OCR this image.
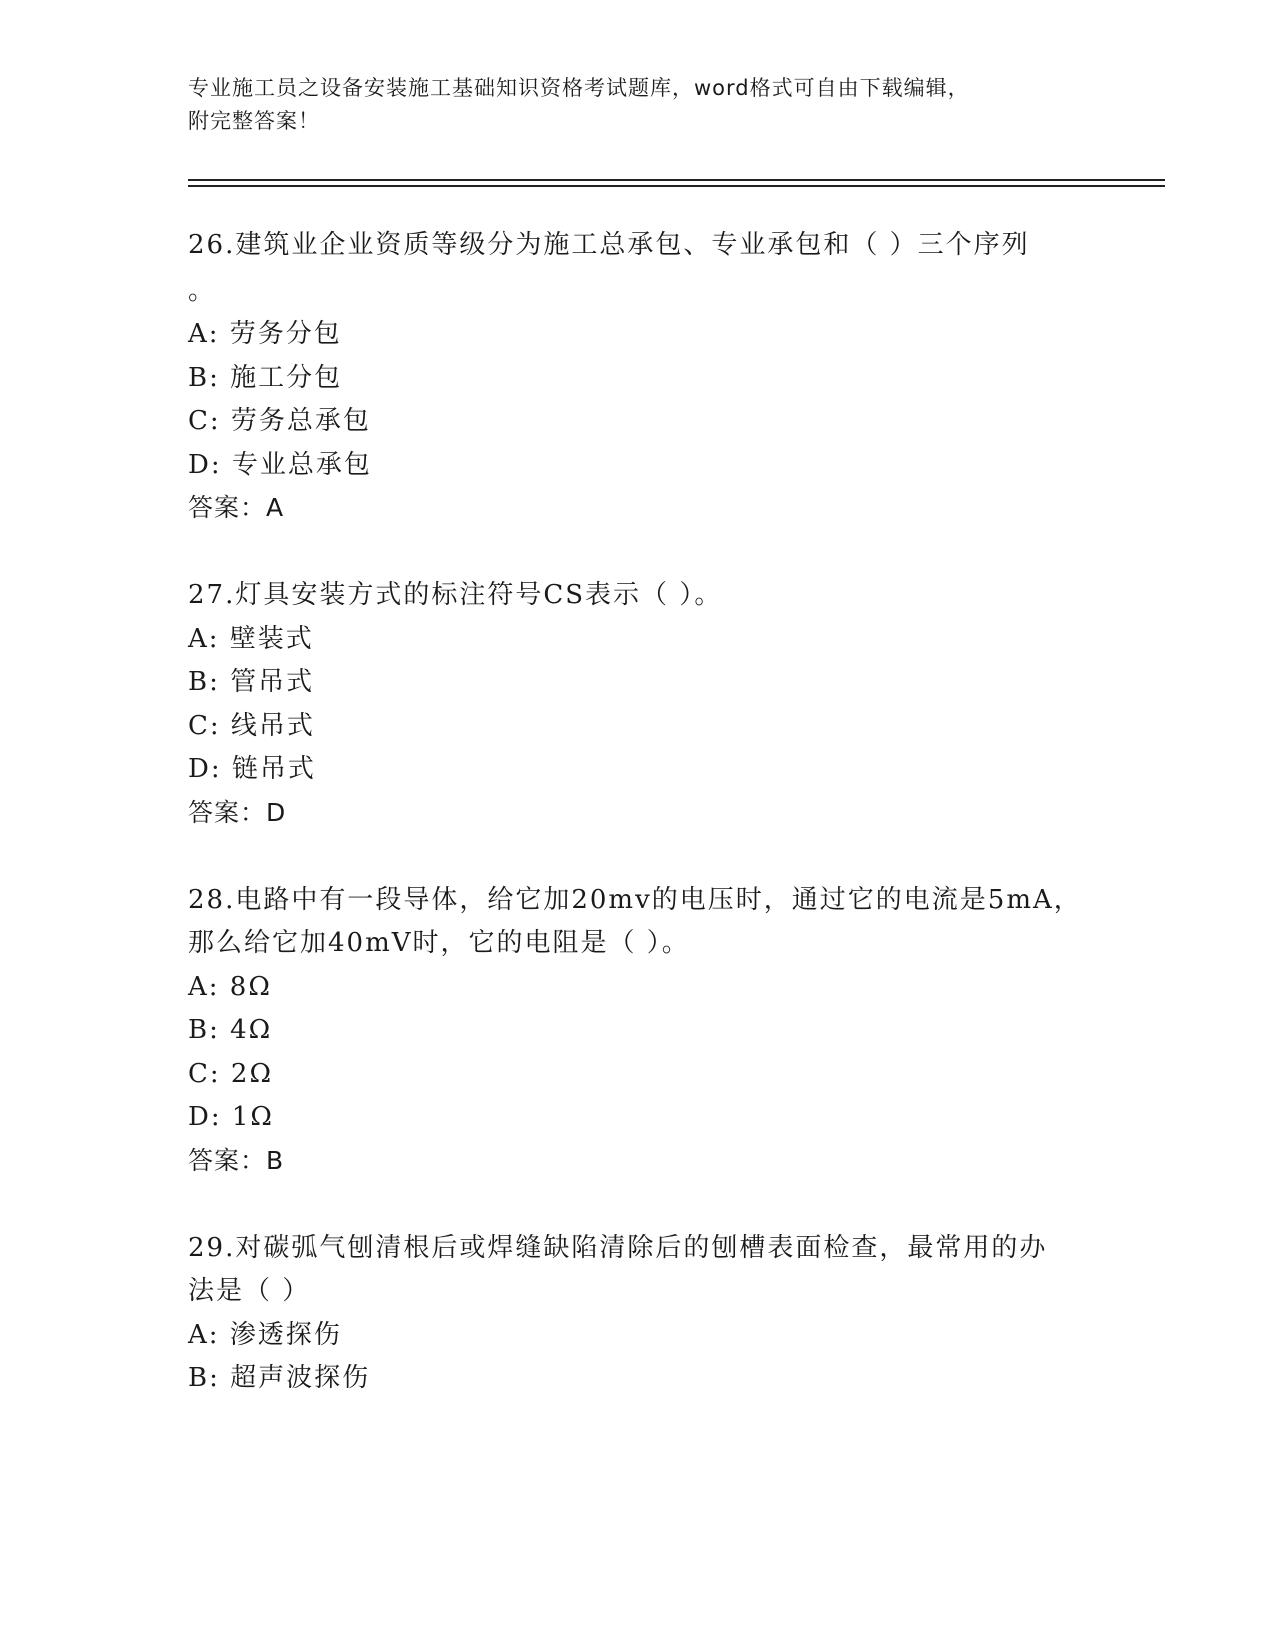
专业施工员之设备安装施工基础知识资格考试题库，word格式可自由下载编辑，
附完整答案！
26.建筑业企业资质等级分为施工总承包、专业承包和（ ）三个序列
。
A: 劳务分包
B: 施工分包
C: 劳务总承包
D: 专业总承包
答案：A
27.灯具安装方式的标注符号CS表示（ ）。
A: 壁装式
B: 管吊式
C: 线吊式
D: 链吊式
答案：D
28.电路中有一段导体，给它加20mv的电压时，通过它的电流是5mA，
那么给它加40mV时，它的电阻是（ ）。
A: 8Ω
B: 4Ω
C: 2Ω
D: 1Ω
答案：B
29.对碳弧气刨清根后或焊缝缺陷清除后的刨槽表面检查，最常用的办
法是（ ）
A: 渗透探伤
B: 超声波探伤
